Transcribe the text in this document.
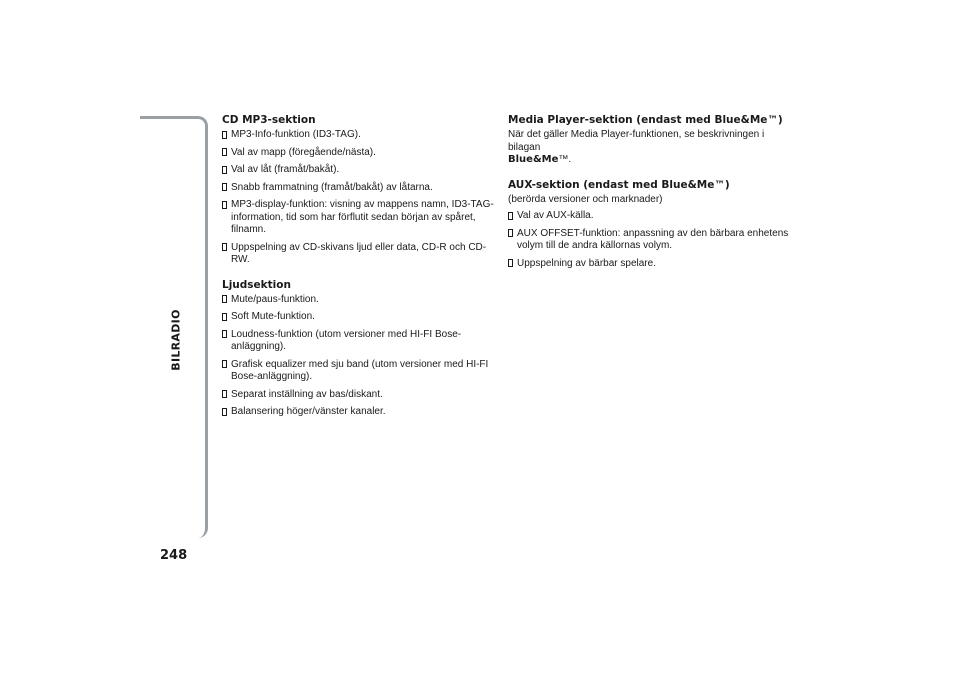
BILRADIO
248
CD MP3-sektion
MP3-Info-funktion (ID3-TAG).
Val av mapp (föregående/nästa).
Val av låt (framåt/bakåt).
Snabb frammatning (framåt/bakåt) av låtarna.
MP3-display-funktion: visning av mappens namn, ID3-TAG-information, tid som har förflutit sedan början av spåret, filnamn.
Uppspelning av CD-skivans ljud eller data, CD-R och CD-RW.
Ljudsektion
Mute/paus-funktion.
Soft Mute-funktion.
Loudness-funktion (utom versioner med HI-FI Bose-anläggning).
Grafisk equalizer med sju band (utom versioner med HI-FI Bose-anläggning).
Separat inställning av bas/diskant.
Balansering höger/vänster kanaler.
Media Player-sektion (endast med Blue&Me™)

När det gäller Media Player-funktionen, se beskrivningen i bilagan
Blue&Me™.

AUX-sektion (endast med Blue&Me™)

(berörda versioner och marknader)

Val av AUX-källa.
AUX OFFSET-funktion: anpassning av den bärbara enhetens volym till de andra källornas volym.
Uppspelning av bärbar spelare.
